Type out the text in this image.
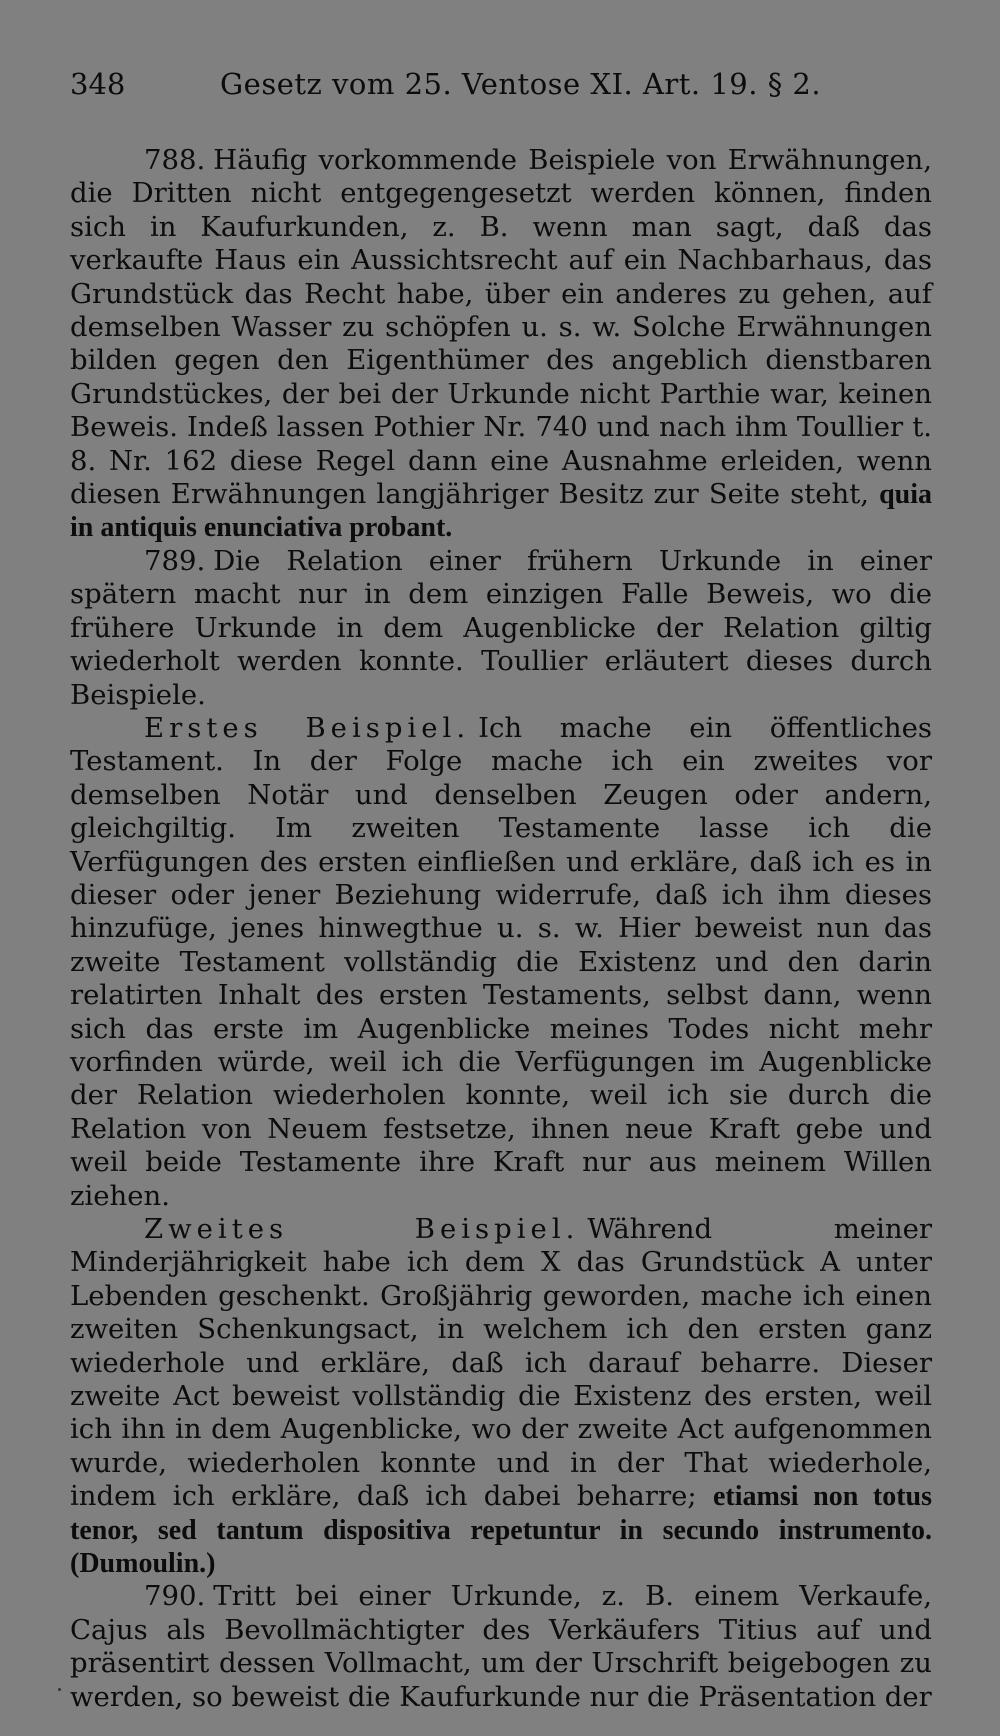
348	Gesetz vom 25. Ventose XI. Art. 19. § 2.

788. Häufig vorkommende Beispiele von Erwähnungen, die Dritten nicht entgegengesetzt werden können, finden sich in Kaufurkunden, z. B. wenn man sagt, daß das verkaufte Haus ein Aussichtsrecht auf ein Nachbarhaus, das Grundstück das Recht habe, über ein anderes zu gehen, auf demselben Wasser zu schöpfen u. s. w. Solche Erwähnungen bilden gegen den Eigenthümer des angeblich dienstbaren Grundstückes, der bei der Urkunde nicht Parthie war, keinen Beweis. Indeß lassen Pothier Nr. 740 und nach ihm Toullier t. 8. Nr. 162 diese Regel dann eine Ausnahme erleiden, wenn diesen Erwähnungen langjähriger Besitz zur Seite steht, quia in antiquis enunciativa probant.

789. Die Relation einer frühern Urkunde in einer spätern macht nur in dem einzigen Falle Beweis, wo die frühere Urkunde in dem Augenblicke der Relation giltig wiederholt werden konnte. Toullier erläutert dieses durch Beispiele.

Erstes Beispiel. Ich mache ein öffentliches Testament. In der Folge mache ich ein zweites vor demselben Notär und denselben Zeugen oder andern, gleichgiltig. Im zweiten Testamente lasse ich die Verfügungen des ersten einfließen und erkläre, daß ich es in dieser oder jener Beziehung widerrufe, daß ich ihm dieses hinzufüge, jenes hinwegthue u. s. w. Hier beweist nun das zweite Testament vollständig die Existenz und den darin relatirten Inhalt des ersten Testaments, selbst dann, wenn sich das erste im Augenblicke meines Todes nicht mehr vorfinden würde, weil ich die Verfügungen im Augenblicke der Relation wiederholen konnte, weil ich sie durch die Relation von Neuem festsetze, ihnen neue Kraft gebe und weil beide Testamente ihre Kraft nur aus meinem Willen ziehen.

Zweites Beispiel. Während meiner Minderjährigkeit habe ich dem X das Grundstück A unter Lebenden geschenkt. Großjährig geworden, mache ich einen zweiten Schenkungsact, in welchem ich den ersten ganz wiederhole und erkläre, daß ich darauf beharre. Dieser zweite Act beweist vollständig die Existenz des ersten, weil ich ihn in dem Augenblicke, wo der zweite Act aufgenommen wurde, wiederholen konnte und in der That wiederhole, indem ich erkläre, daß ich dabei beharre; etiamsi non totus tenor, sed tantum dispositiva repetuntur in secundo instrumento. (Dumoulin.)

790. Tritt bei einer Urkunde, z. B. einem Verkaufe, Cajus als Bevollmächtigter des Verkäufers Titius auf und präsentirt dessen Vollmacht, um der Urschrift beigebogen zu werden, so beweist die Kaufurkunde nur die Präsentation der
